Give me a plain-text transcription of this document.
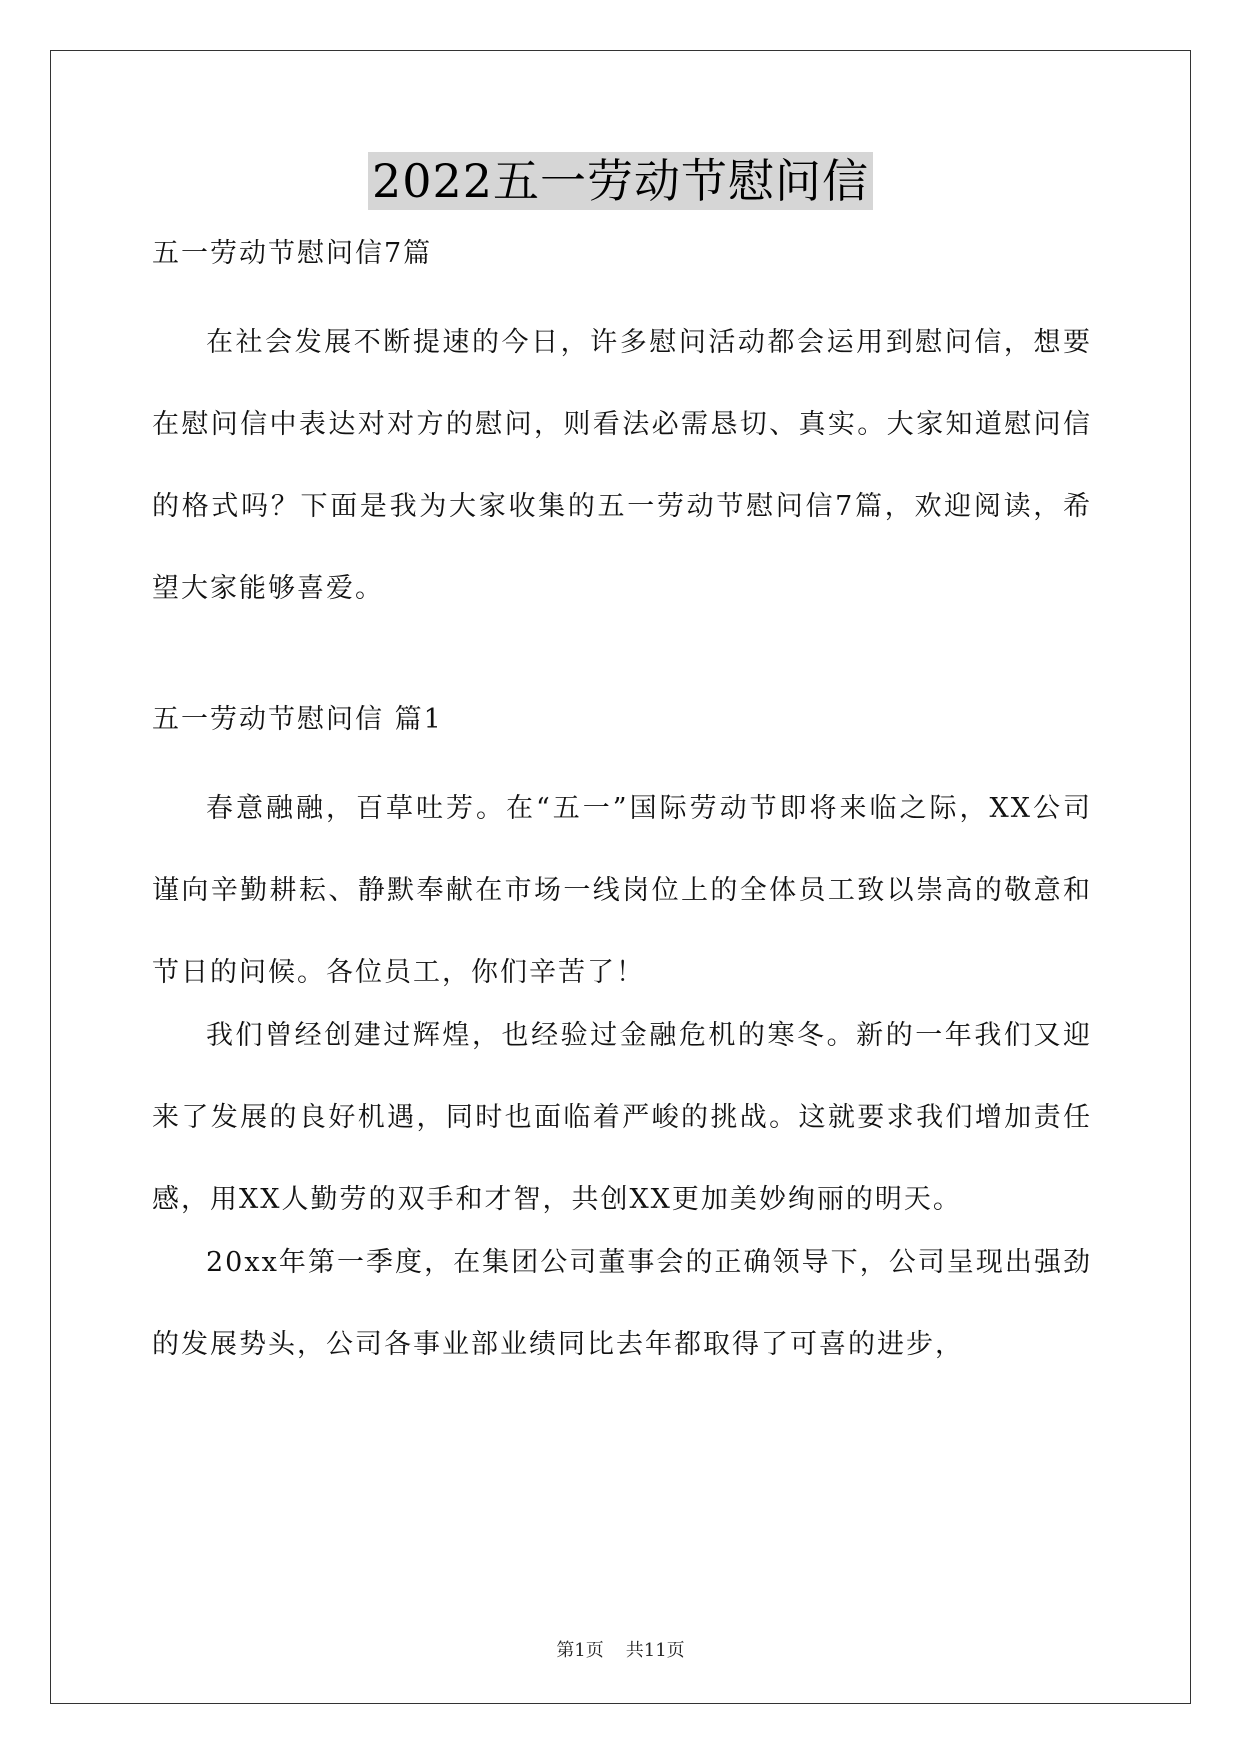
2022五一劳动节慰问信

五一劳动节慰问信7篇

在社会发展不断提速的今日，许多慰问活动都会运用到慰问信，想要在慰问信中表达对对方的慰问，则看法必需恳切、真实。大家知道慰问信的格式吗？下面是我为大家收集的五一劳动节慰问信7篇，欢迎阅读，希望大家能够喜爱。

五一劳动节慰问信 篇1

春意融融，百草吐芳。在“五一”国际劳动节即将来临之际，XX公司谨向辛勤耕耘、静默奉献在市场一线岗位上的全体员工致以崇高的敬意和节日的问候。各位员工，你们辛苦了！

我们曾经创建过辉煌，也经验过金融危机的寒冬。新的一年我们又迎来了发展的良好机遇，同时也面临着严峻的挑战。这就要求我们增加责任感，用XX人勤劳的双手和才智，共创XX更加美妙绚丽的明天。

20xx年第一季度，在集团公司董事会的正确领导下，公司呈现出强劲的发展势头，公司各事业部业绩同比去年都取得了可喜的进步，

第1页 共11页
